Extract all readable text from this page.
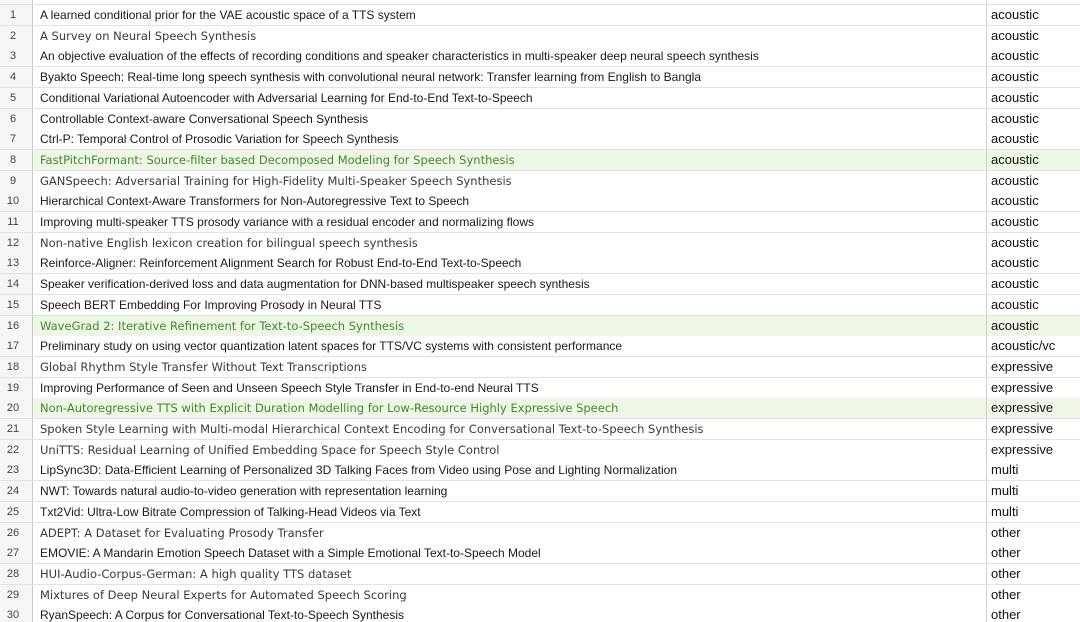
1	A learned conditional prior for the VAE acoustic space of a TTS system	acoustic
2	A Survey on Neural Speech Synthesis	acoustic
3	An objective evaluation of the effects of recording conditions and speaker characteristics in multi-speaker deep neural speech synthesis	acoustic
4	Byakto Speech: Real-time long speech synthesis with convolutional neural network: Transfer learning from English to Bangla	acoustic
5	Conditional Variational Autoencoder with Adversarial Learning for End-to-End Text-to-Speech	acoustic
6	Controllable Context-aware Conversational Speech Synthesis	acoustic
7	Ctrl-P: Temporal Control of Prosodic Variation for Speech Synthesis	acoustic
8	FastPitchFormant: Source-filter based Decomposed Modeling for Speech Synthesis	acoustic
9	GANSpeech: Adversarial Training for High-Fidelity Multi-Speaker Speech Synthesis	acoustic
10	Hierarchical Context-Aware Transformers for Non-Autoregressive Text to Speech	acoustic
11	Improving multi-speaker TTS prosody variance with a residual encoder and normalizing flows	acoustic
12	Non-native English lexicon creation for bilingual speech synthesis	acoustic
13	Reinforce-Aligner: Reinforcement Alignment Search for Robust End-to-End Text-to-Speech	acoustic
14	Speaker verification-derived loss and data augmentation for DNN-based multispeaker speech synthesis	acoustic
15	Speech BERT Embedding For Improving Prosody in Neural TTS	acoustic
16	WaveGrad 2: Iterative Refinement for Text-to-Speech Synthesis	acoustic
17	Preliminary study on using vector quantization latent spaces for TTS/VC systems with consistent performance	acoustic/vc
18	Global Rhythm Style Transfer Without Text Transcriptions	expressive
19	Improving Performance of Seen and Unseen Speech Style Transfer in End-to-end Neural TTS	expressive
20	Non-Autoregressive TTS with Explicit Duration Modelling for Low-Resource Highly Expressive Speech	expressive
21	Spoken Style Learning with Multi-modal Hierarchical Context Encoding for Conversational Text-to-Speech Synthesis	expressive
22	UniTTS: Residual Learning of Unified Embedding Space for Speech Style Control	expressive
23	LipSync3D: Data-Efficient Learning of Personalized 3D Talking Faces from Video using Pose and Lighting Normalization	multi
24	NWT: Towards natural audio-to-video generation with representation learning	multi
25	Txt2Vid: Ultra-Low Bitrate Compression of Talking-Head Videos via Text	multi
26	ADEPT: A Dataset for Evaluating Prosody Transfer	other
27	EMOVIE: A Mandarin Emotion Speech Dataset with a Simple Emotional Text-to-Speech Model	other
28	HUI-Audio-Corpus-German: A high quality TTS dataset	other
29	Mixtures of Deep Neural Experts for Automated Speech Scoring	other
30	RyanSpeech: A Corpus for Conversational Text-to-Speech Synthesis	other
